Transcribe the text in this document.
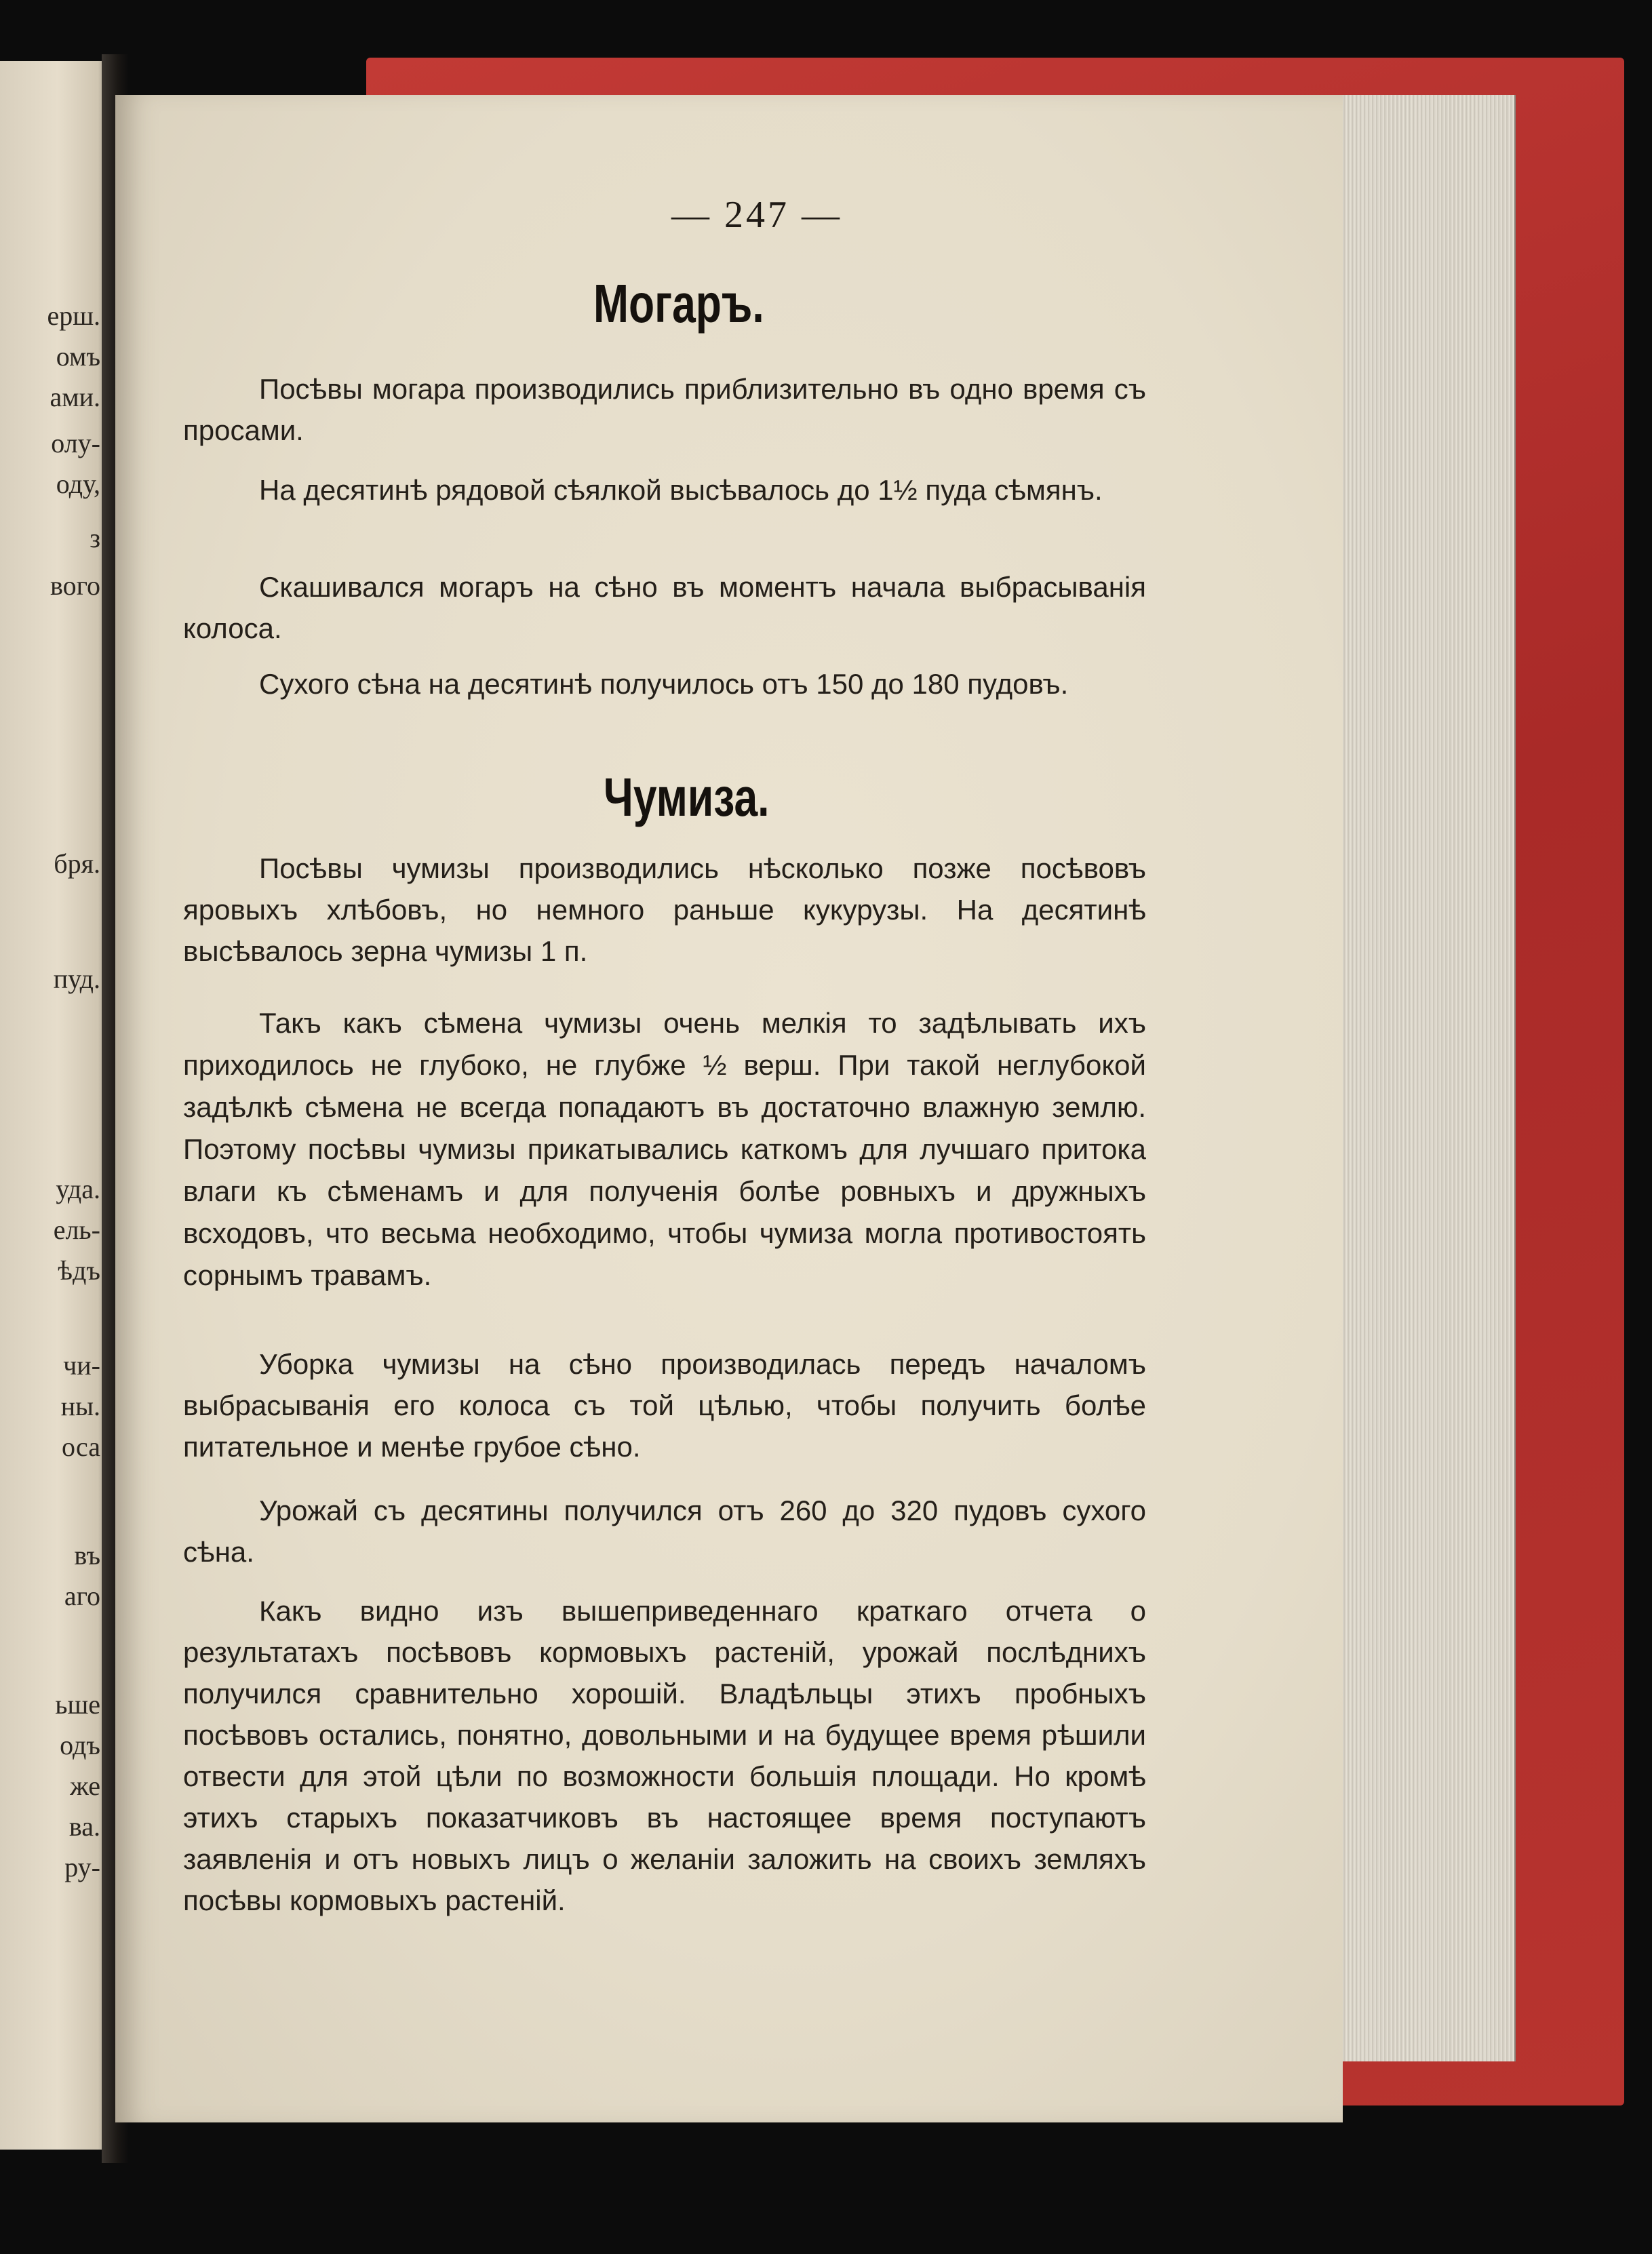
ерш.
омъ
ами.
олу-
оду,
з
вого
бря.
пуд.
уда.
ель-
ѣдъ
чи-
ны.
оса
въ
аго
ьше
одъ
же
ва.
ру-
— 247 —
Могаръ.

Посѣвы могара производились приблизительно въ одно время съ просами.

На десятинѣ рядовой сѣялкой высѣвалось до 1½ пуда сѣмянъ.

Скашивался могаръ на сѣно въ моментъ начала выбрасыванія колоса.

Сухого сѣна на десятинѣ получилось отъ 150 до 180 пудовъ.

Чумиза.

Посѣвы чумизы производились нѣсколько позже посѣвовъ яровыхъ хлѣбовъ, но немного раньше кукурузы. На десятинѣ высѣвалось зерна чумизы 1 п.

Такъ какъ сѣмена чумизы очень мелкія то задѣлывать ихъ приходилось не глубоко, не глубже ½ верш. При такой неглубокой задѣлкѣ сѣмена не всегда попадаютъ въ достаточно влажную землю. Поэтому посѣвы чумизы прикатывались каткомъ для лучшаго притока влаги къ сѣменамъ и для полученія болѣе ровныхъ и дружныхъ всходовъ, что весьма необходимо, чтобы чумиза могла противостоять сорнымъ травамъ.

Уборка чумизы на сѣно производилась передъ началомъ выбрасыванія его колоса съ той цѣлью, чтобы получить болѣе питательное и менѣе грубое сѣно.

Урожай съ десятины получился отъ 260 до 320 пудовъ сухого сѣна.

Какъ видно изъ вышеприведеннаго краткаго отчета о результатахъ посѣвовъ кормовыхъ растеній, урожай послѣднихъ получился сравнительно хорошій. Владѣльцы этихъ пробныхъ посѣвовъ остались, понятно, довольными и на будущее время рѣшили отвести для этой цѣли по возможности большія площади. Но кромѣ этихъ старыхъ показатчиковъ въ настоящее время поступаютъ заявленія и отъ новыхъ лицъ о желаніи заложить на своихъ земляхъ посѣвы кормовыхъ растеній.
